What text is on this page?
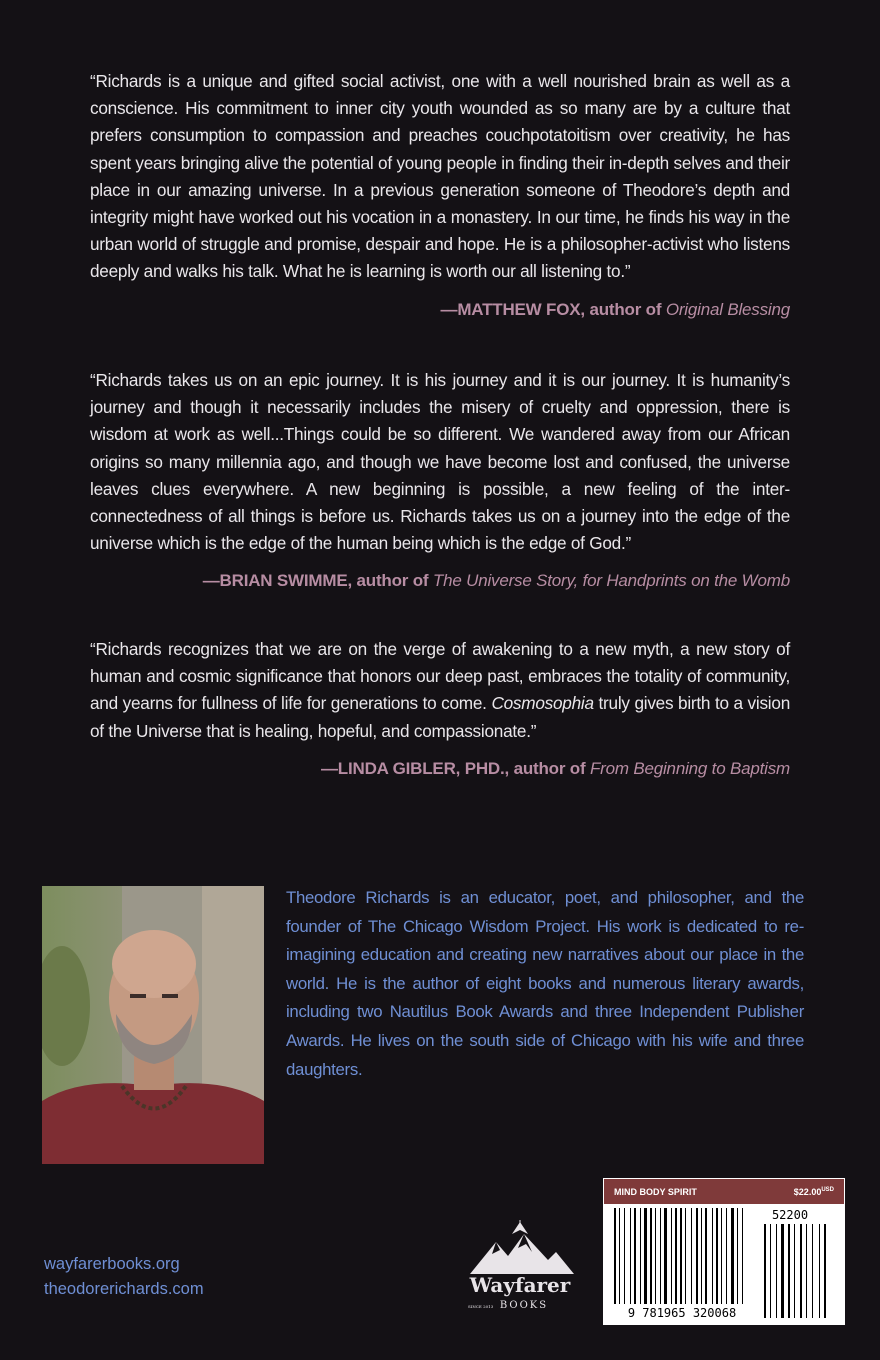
“Richards is a unique and gifted social activist, one with a well nourished brain as well as a conscience. His commitment to inner city youth wounded as so many are by a culture that prefers consumption to compassion and preaches couchpotatoitism over creativity, he has spent years bringing alive the potential of young people in finding their in-depth selves and their place in our amazing universe. In a previous generation someone of Theodore’s depth and integrity might have worked out his vocation in a monastery. In our time, he finds his way in the urban world of struggle and promise, despair and hope. He is a philosopher-activist who listens deeply and walks his talk. What he is learning is worth our all listening to.”

—MATTHEW FOX, author of Original Blessing

“Richards takes us on an epic journey. It is his journey and it is our journey. It is humanity’s journey and though it necessarily includes the misery of cruelty and oppression, there is wisdom at work as well...Things could be so different. We wandered away from our African origins so many millennia ago, and though we have become lost and confused, the universe leaves clues everywhere. A new beginning is possible, a new feeling of the inter-connectedness of all things is before us. Richards takes us on a journey into the edge of the universe which is the edge of the human being which is the edge of God.”

—BRIAN SWIMME, author of The Universe Story, for Handprints on the Womb

“Richards recognizes that we are on the verge of awakening to a new myth, a new story of human and cosmic significance that honors our deep past, embraces the totality of community, and yearns for fullness of life for generations to come. Cosmosophia truly gives birth to a vision of the Universe that is healing, hopeful, and compassionate.”

—LINDA GIBLER, PHD., author of From Beginning to Baptism

Theodore Richards is an educator, poet, and philosopher, and the founder of The Chicago Wisdom Project. His work is dedicated to re-imagining education and creating new narratives about our place in the world. He is the author of eight books and numerous literary awards, including two Nautilus Book Awards and three Independent Publisher Awards. He lives on the south side of Chicago with his wife and three daughters.

wayfarerbooks.org
theodorerichards.com	Wayfarer
SINCE 2013 BOOKS
MIND BODY SPIRIT	$\$22.00^{USD}$
52200
9 781965 320068
